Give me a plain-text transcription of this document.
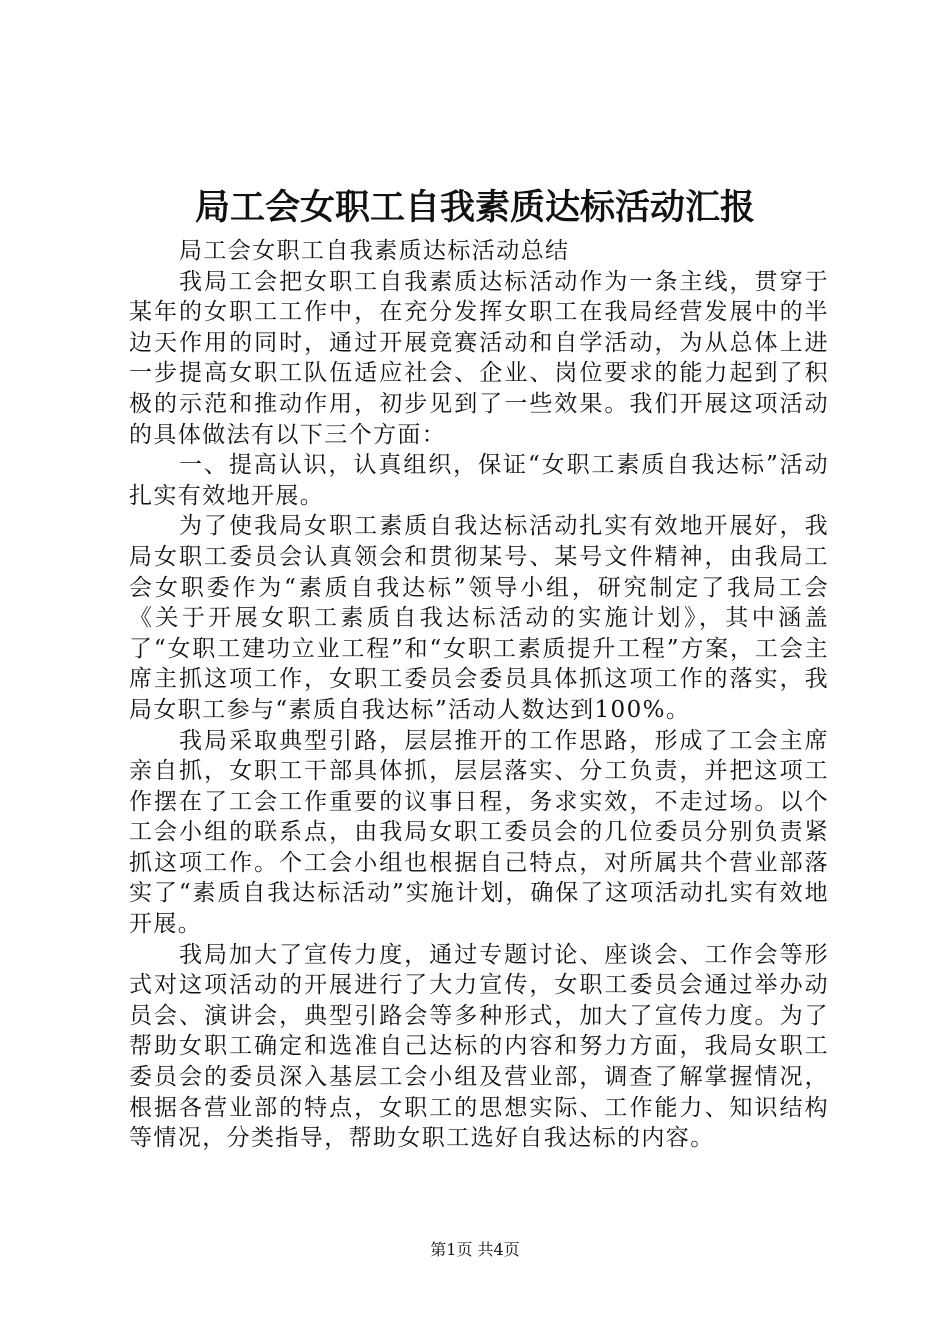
局工会女职工自我素质达标活动汇报

局工会女职工自我素质达标活动总结

我局工会把女职工自我素质达标活动作为一条主线，贯穿于某年的女职工工作中，在充分发挥女职工在我局经营发展中的半边天作用的同时，通过开展竞赛活动和自学活动，为从总体上进一步提高女职工队伍适应社会、企业、岗位要求的能力起到了积极的示范和推动作用，初步见到了一些效果。我们开展这项活动的具体做法有以下三个方面：

一、提高认识，认真组织，保证“女职工素质自我达标”活动扎实有效地开展。

为了使我局女职工素质自我达标活动扎实有效地开展好，我局女职工委员会认真领会和贯彻某号、某号文件精神，由我局工会女职委作为“素质自我达标”领导小组，研究制定了我局工会《关于开展女职工素质自我达标活动的实施计划》，其中涵盖了“女职工建功立业工程”和“女职工素质提升工程”方案，工会主席主抓这项工作，女职工委员会委员具体抓这项工作的落实，我局女职工参与“素质自我达标”活动人数达到100%。

我局采取典型引路，层层推开的工作思路，形成了工会主席亲自抓，女职工干部具体抓，层层落实、分工负责，并把这项工作摆在了工会工作重要的议事日程，务求实效，不走过场。以个工会小组的联系点，由我局女职工委员会的几位委员分别负责紧抓这项工作。个工会小组也根据自己特点，对所属共个营业部落实了“素质自我达标活动”实施计划，确保了这项活动扎实有效地开展。

我局加大了宣传力度，通过专题讨论、座谈会、工作会等形式对这项活动的开展进行了大力宣传，女职工委员会通过举办动员会、演讲会，典型引路会等多种形式，加大了宣传力度。为了帮助女职工确定和选准自己达标的内容和努力方面，我局女职工委员会的委员深入基层工会小组及营业部，调查了解掌握情况，根据各营业部的特点，女职工的思想实际、工作能力、知识结构等情况，分类指导，帮助女职工选好自我达标的内容。

第1页 共4页
